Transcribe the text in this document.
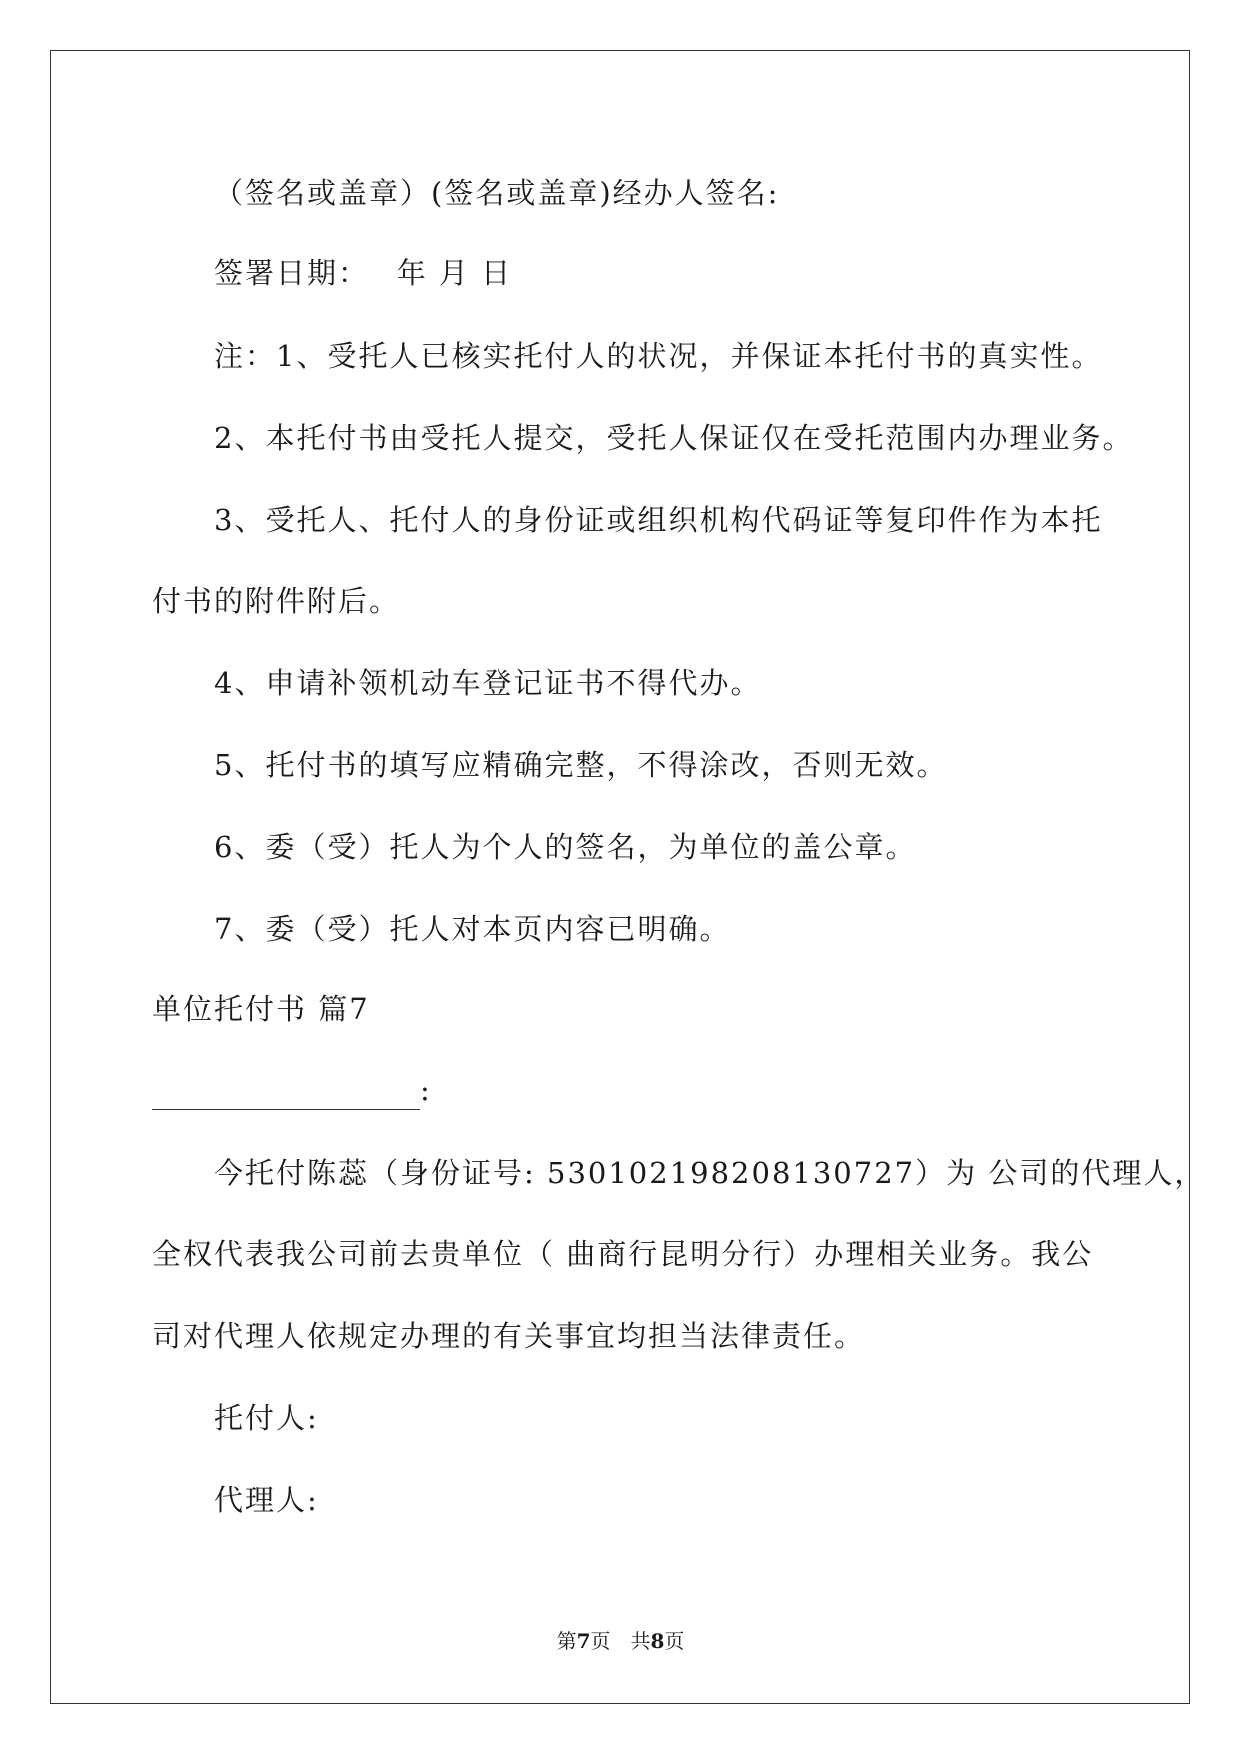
（签名或盖章）(签名或盖章)经办人签名:
签署日期：　 年 月 日
注：1、受托人已核实托付人的状况，并保证本托付书的真实性。
2、本托付书由受托人提交，受托人保证仅在受托范围内办理业务。
3、受托人、托付人的身份证或组织机构代码证等复印件作为本托
付书的附件附后。
4、申请补领机动车登记证书不得代办。
5、托付书的填写应精确完整，不得涂改，否则无效。
6、委（受）托人为个人的签名，为单位的盖公章。
7、委（受）托人对本页内容已明确。
单位托付书 篇7
:
今托付陈蕊（身份证号: 530102198208130727）为 公司的代理人，
全权代表我公司前去贵单位（ 曲商行昆明分行）办理相关业务。我公
司对代理人依规定办理的有关事宜均担当法律责任。
托付人:
代理人:
第7页　共8页
